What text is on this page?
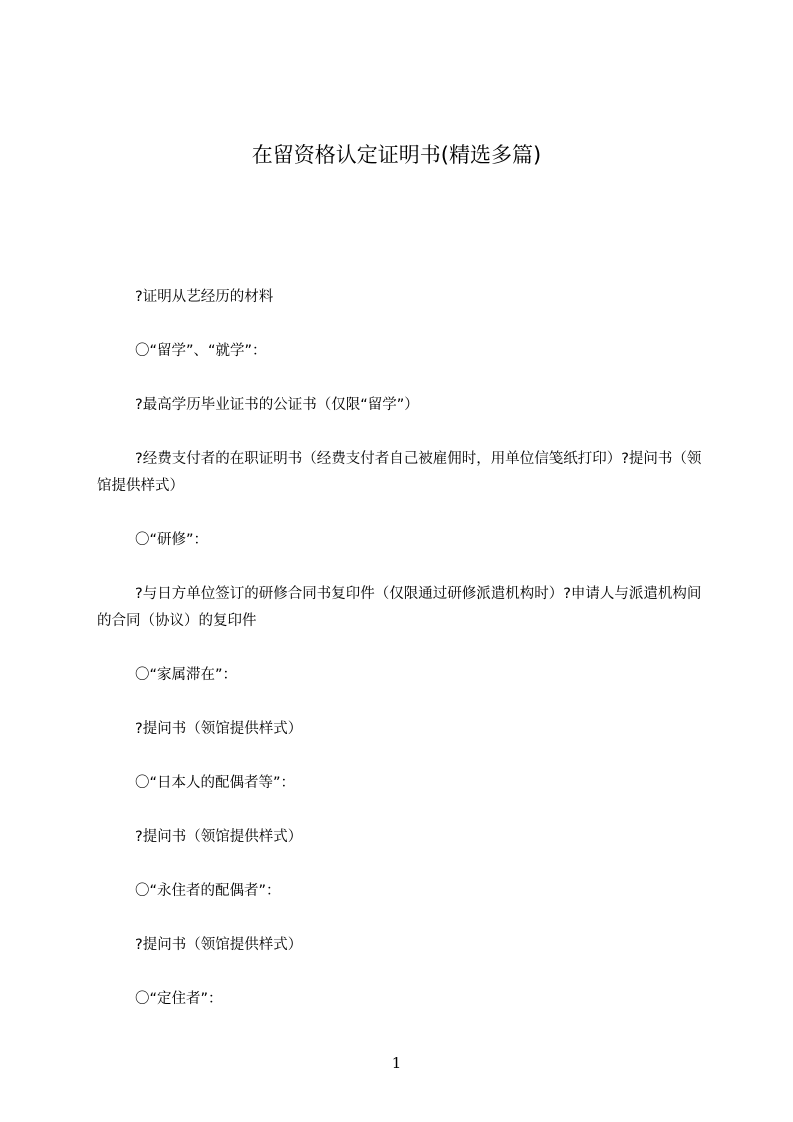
在留资格认定证明书(精选多篇)

?证明从艺经历的材料

〇“留学”、“就学”：

?最高学历毕业证书的公证书（仅限“留学”）

?经费支付者的在职证明书（经费支付者自己被雇佣时，用单位信笺纸打印）?提问书（领馆提供样式）

〇“研修”：

?与日方单位签订的研修合同书复印件（仅限通过研修派遣机构时）?申请人与派遣机构间的合同（协议）的复印件

〇“家属滞在”：

?提问书（领馆提供样式）

〇“日本人的配偶者等”：

?提问书（领馆提供样式）

〇“永住者的配偶者”：

?提问书（领馆提供样式）

〇“定住者”：

1
